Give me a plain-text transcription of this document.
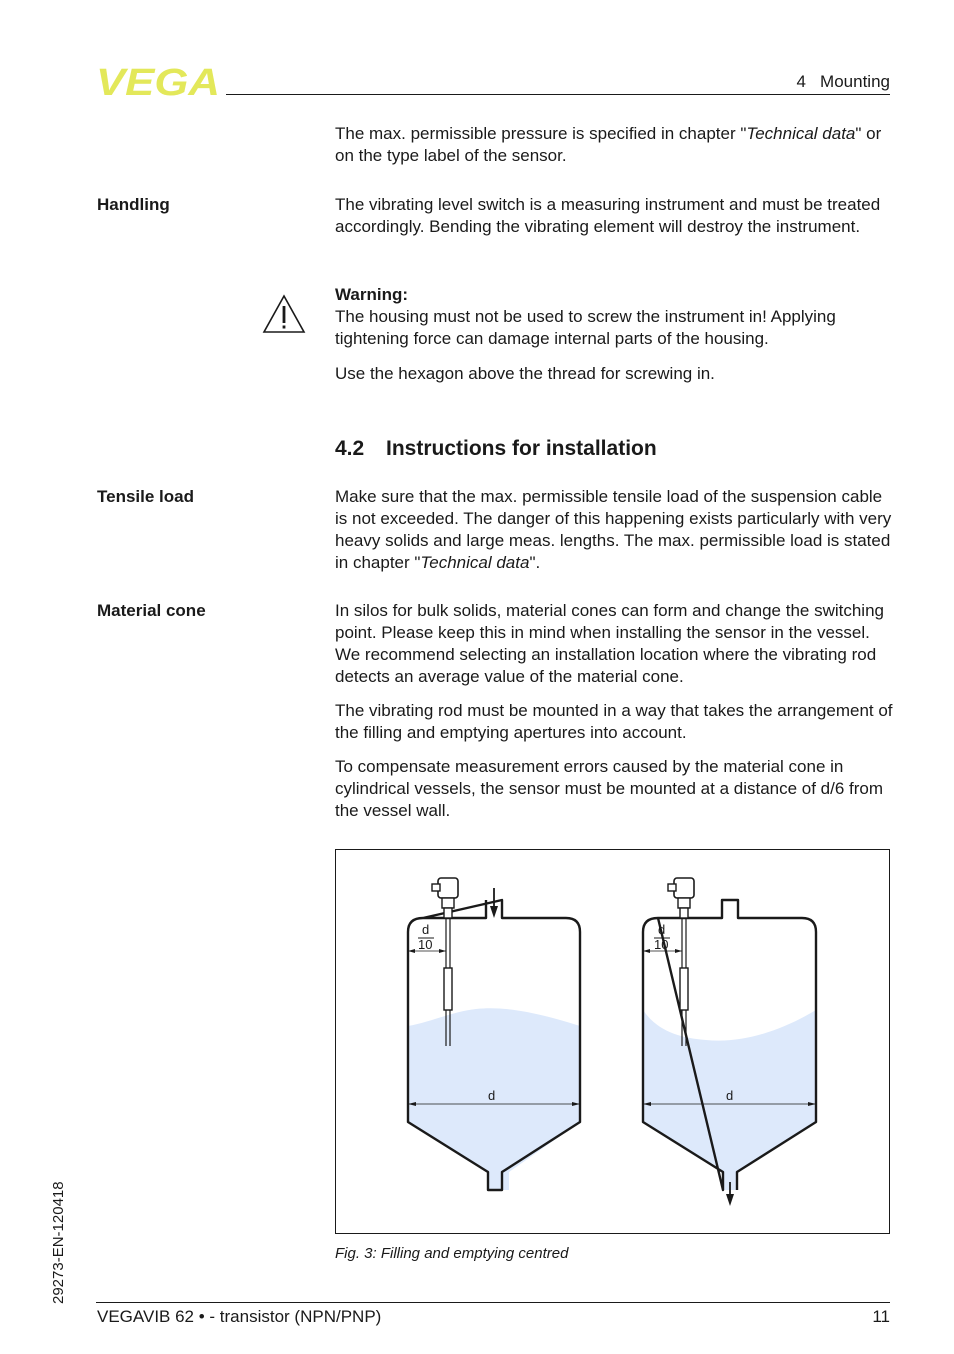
VEGA	4   Mounting

The max. permissible pressure is specified in chapter "Technical data" or on the type label of the sensor.

Handling	The vibrating level switch is a measuring instrument and must be treated accordingly. Bending the vibrating element will destroy the instrument.

Warning:

The housing must not be used to screw the instrument in! Applying tightening force can damage internal parts of the housing.

Use the hexagon above the thread for screwing in.

4.2 Instructions for installation
Tensile load	Make sure that the max. permissible tensile load of the suspension cable is not exceeded. The danger of this happening exists particularly with very heavy solids and large meas. lengths. The max. permissible load is stated in chapter "Technical data".

Material cone	In silos for bulk solids, material cones can form and change the switching point. Please keep this in mind when installing the sensor in the vessel. We recommend selecting an installation location where the vibrating rod detects an average value of the material cone.

The vibrating rod must be mounted in a way that takes the arrangement of the filling and emptying apertures into account.

To compensate measurement errors caused by the material cone in cylindrical vessels, the sensor must be mounted at a distance of d/6 from the vessel wall.

d
10
d
d
10
d
Fig. 3: Filling and emptying centred
29273-EN-120418
VEGAVIB 62 • - transistor (NPN/PNP)	11
